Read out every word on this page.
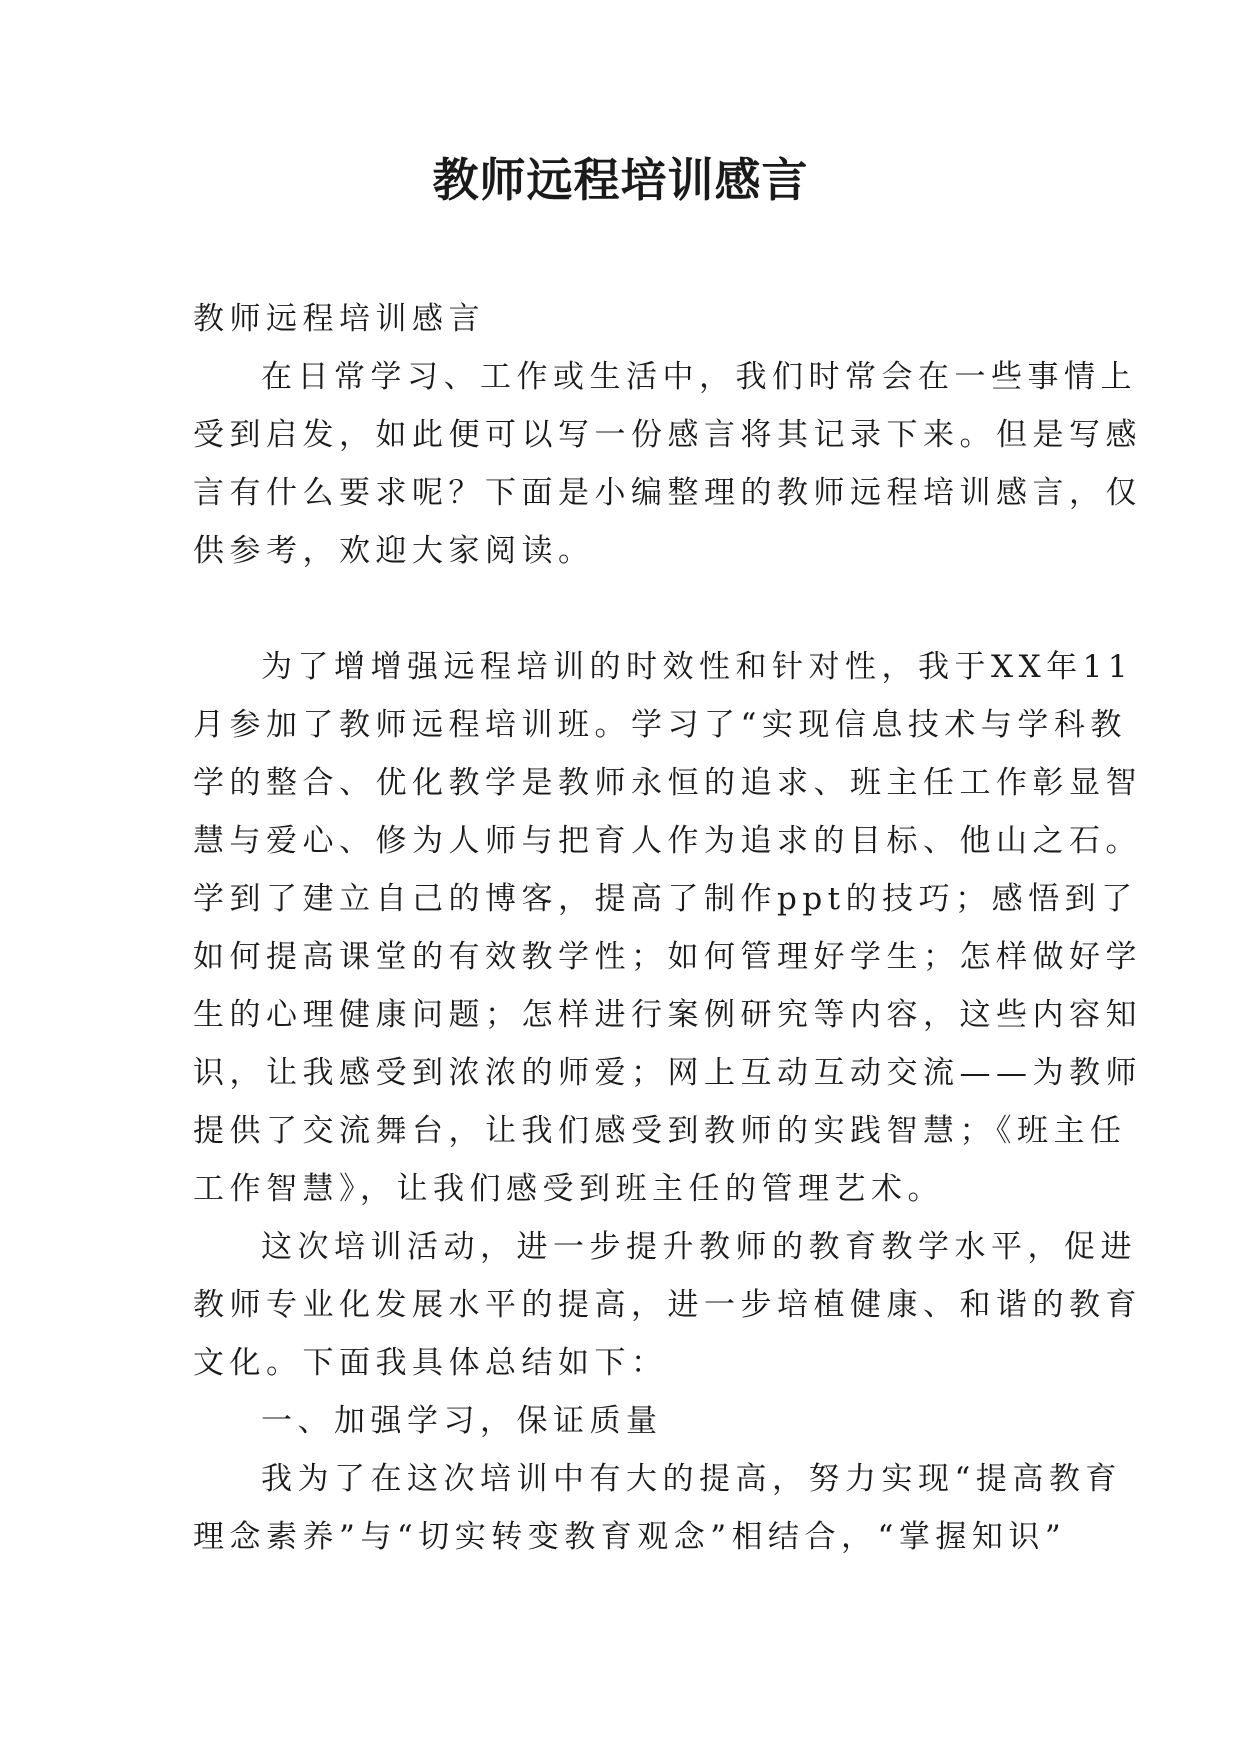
教师远程培训感言
教师远程培训感言
在日常学习、工作或生活中，我们时常会在一些事情上
受到启发，如此便可以写一份感言将其记录下来。但是写感
言有什么要求呢？下面是小编整理的教师远程培训感言，仅
供参考，欢迎大家阅读。
为了增增强远程培训的时效性和针对性，我于XX年11
月参加了教师远程培训班。学习了“实现信息技术与学科教
学的整合、优化教学是教师永恒的追求、班主任工作彰显智
慧与爱心、修为人师与把育人作为追求的目标、他山之石。
学到了建立自己的博客，提高了制作ppt的技巧；感悟到了
如何提高课堂的有效教学性；如何管理好学生；怎样做好学
生的心理健康问题；怎样进行案例研究等内容，这些内容知
识，让我感受到浓浓的师爱；网上互动互动交流——为教师
提供了交流舞台，让我们感受到教师的实践智慧；《班主任
工作智慧》，让我们感受到班主任的管理艺术。
这次培训活动，进一步提升教师的教育教学水平，促进
教师专业化发展水平的提高，进一步培植健康、和谐的教育
文化。下面我具体总结如下：
一、加强学习，保证质量
我为了在这次培训中有大的提高，努力实现“提高教育
理念素养”与“切实转变教育观念”相结合，“掌握知识”
